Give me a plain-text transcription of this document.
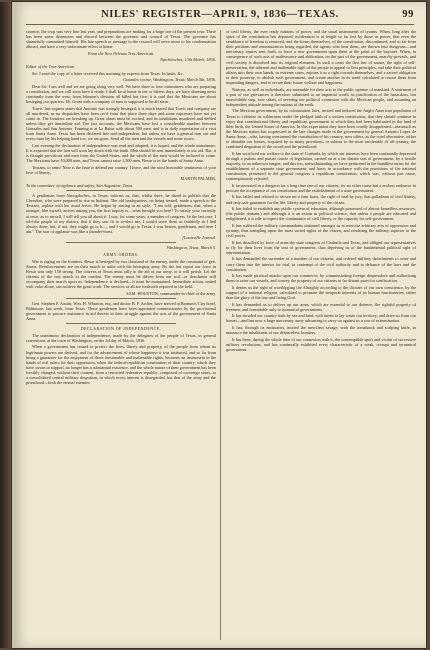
NILES' REGISTER—APRIL 9, 1836—TEXAS.	99

country; the crop was very fine last year, and preparations are making for a large one of the present year. There has been some dissension and discord between the governor and council of Texas. The governor has shamefully committed himself. His late speech or message to the council will serve more to his condemnation abroad, and have a very unfortunate effect at home.

From the New Orleans Trus American.

Natchitoches, 13th March, 1836.

Editor of the True American.

Sir: I send the copy of a letter received this morning by express from Texas. In haste, &c.

Gonzales ravine, Washington, Texas, March 5th, 1836.

Dear Sir: I am well and we are going along very well. We have three or four committees who are preparing a constitution, and we will soon have it ready. I shall be at home in ten or fifteen days, we have alarming news constantly from the west; from Johnson's division all killed but five; it is said that the Mexicans are about besieging our quarters. Dr. Grant with a company of men is supposed to be all slain.

Travis' last express states that Antonio was strongly besieged; it is much feared that Travis and company are all murdered, as no dispatches have been rec'd from that place three days and some expresses have not yet come in. The frontiers are breaking up. Great alarm must be excited, and its inhabitants murdered and defiled unless they get immediate aid. The last accounts, the Mexicans have lost a considerable number between Gonzales and San Antonio. Fanning is at La Bahia with about 500 men, and is in daily expectation of a visit from Santa Anna. Texas has been declared free and independent, but unless we have a general turn out and every man lay his helping hand too, we are gone. Send all the men and the vessels and some stores.

Last evening the declaration of independence was read and adopted, it is hoped, and the whole unanimous. It is expected that the lion will soon lay down with the lamb. Men should be sent immediately to our aid. But, it is thought provisions and men from the United States, and the whole of the men would be inclined to come. The Mexicans have 10,000 men, and Texas cannot raise 1,500 men. Bexar is in the hands of Santa Anna.

Texians, to arms! Now is the time to defend our country. I leave, and the most honorable sentiments of your love of liberty,

MARTIN PALMER,

To the committee of vigilance and safety, San Augustine, Texas.

A gentleman from Nacogdoches, in Texas, informs us, that, whilst there, he dared to publish that the Cherokee, who were prepared to rise as Indians. The old headquarters, on being treated, made a speech to the Texians, replete with his usual fervor. He began by stating in an style, "I am told, gentlemen, that, when a stranger, like myself, arrives among you, the first inquiry is—what brought you here? To satisfy your curiosity at once, as to myself, I will tell you all about it. I was, for some years, a member of congress. In the last race, I told the people of my district, that if they saw fit to re-elect me, I would serve them as faithfully as I had always done, but, if not, they might go to h—, and I would go to Texas. I was beaten, gentlemen, and here I am." The roar of applause was like a thunder-burst.

[Louisville Journal.

Washington, Texas, March 5.

ARMY ORDERS.

War is raging on the frontiers. Bexar is besieged by two thousand of the enemy, under the command of gen. Sisma. Reinforcements are on their march to unite with the besieging army. By the last report our force in Bexar was only 150 strong. The citizens of Texas must rally to the aid of our army, or it will perish. Let the citizens of the east march to the combat. The enemy must be driven from our soil—or desolation will accompany their march upon us. Independence is declared—it must be maintained. Immediate action, united with valor alone, can achieve the great work. The services of all are forthwith required in the field.

SAM. HOUSTON, commander-in-chief of the army.

Gen. Stephen F. Austin, Wm. H. Wharton, esq. and doctor B. F. Archer, have arrived at Barnum's City hotel, Baltimore, last week, from Texas. These gentlemen have been appointed commissioners by the provisional government to procure assistance in aid thereto in their struggle against the acts of the government of Santa Anna.

DECLARATION OF INDEPENDENCE.

The unanimous declaration of independence, made by the delegates of the people of Texas, in general convention, at the town of Washington, on the 2d day of March, 1836.

When a government has ceased to protect the lives, liberty and property, of the people from whom its legitimate powers are derived, and for the advancement of whose happiness it was instituted, and so far from being a guarantee for the enjoyment of those inestimable and inalienable rights, becomes an instrument in the hands of evil rulers for their oppression, when the federal republican constitution of their country, which they have sworn to support, no longer has a substantial existence, and the whole nature of their government has been forcibly changed, without their consent, from a restricted federative republic, composed of sovereign states, to a consolidated central military despotism, in which every interest is disregarded, but that of the army and the priesthood—both the eternal enemies

of civil liberty, the ever ready minions of power, and the usual instruments of tyrants. When, long after the spirit of the constitution has departed, moderation is at length so far lost by those in power, that even the semblance of freedom is removed, and the forms themselves, of the constitution, discontinued, and so far from their petitions and remonstrances being regarded, the agents who bear them, are thrown into dungeons—and mercenary armies sent forth, to force a new government upon them at the point of the bayonet. When, in consequence of such acts of malfeasance and abdication, on the part of the government, anarchy prevails, and civil society is dissolved into its original elements. In such a crisis the first law of nature, the right of self-preservation, the inherent and inalienable right of the people to appeal to first principles, and take their political affairs into their own hands, in extreme cases, enjoins it as a right towards themselves, and a sacred obligation to their posterity, to abolish such government, and create another in its stead calculated to rescue them from impending dangers, and to secure their future welfare and happiness.

Nations, as well as individuals, are amenable for their acts to the public opinion of mankind. A statement of a part of our grievances is therefore submitted to an impartial world, in justification of the hazardous, but unavoidable step, now taken, of severing our political connexion with the Mexican people, and assuming an independent attitude among the nations of the earth.

The Mexican government, by its colonization laws, invited and induced the Anglo-American population of Texas to colonize its wilderness under the pledged faith of a written constitution, that they should continue to enjoy that constitutional liberty and republican government to which they had been habituated in the land of their birth, the United States of America. In this expectation they have been cruelly disappointed—inasmuch as the Mexican nation has acquiesced in the late changes made in the government by general Antonio Lopez de Santa Anna—who, having overturned the constitution of his country, now offers, as the cruel alternative, either to abandon our homes, acquired by so many privations, or submit to the most intolerable of all tyranny, the combined despotism of the sword and the priesthood.

It has sacrificed our welfare to the state of Coahuila, by which our interests have been continually depressed through a jealous and partial course of legislation, carried on at a far distant seat of government, by a hostile majority, in an unknown tongue; and this too, notwithstanding we have petitioned in the humblest terms for the establishment of a separate state government, and have, in accordance with the provisions of the national constitution, presented to the general congress a republican constitution, which was, without just cause, contemptuously rejected.

It incarcerated in a dungeon for a long time one of our citizens, for no other cause but a zealous endeavor to procure the acceptance of our constitution and the establishment of a state government.

It has failed and refused to secure on a firm basis, the right of trial by jury, that palladium of civil liberty, and only safe guarantee for the life, liberty and property of the citizen.

It has failed to establish any public system of education, although possessed of almost boundless resources, (the public domain,) and although it is an axiom in political science, that unless a people are educated and enlightened, it is idle to expect the continuance of civil liberty, or the capacity for self-government.

It has suffered the military commandants stationed amongst us to exercise arbitrary acts of oppression and tyranny, thus trampling upon the most sacred rights of the citizen, and rendering the military superior to the civil power.

It has dissolved by force of arms the state congress of Coahuila and Texas, and obliged our representatives to fly for their lives from the seat of government, thus depriving us of the fundamental political right of representation.

It has demanded the surrender of a number of our citizens, and ordered military detachments to seize and carry them into the interior for trial, in contempt of the civil authority and in defiance of the laws and the constitution.

It has made piratical attacks upon our commerce, by commissioning foreign desperadoes and authorizing them to seize our vessels, and convey the property of our citizens to far distant ports for confiscation.

It denies us the right of worshipping the Almighty according to the dictates of our own conscience, by the support of a national religion, calculated to promote the temporal interests of its human functionaries, rather than the glory of the true and living God.

It has demanded us to deliver up our arms, which are essential to our defence, the rightful property of freemen, and formidable only to tyrannical governments.

It has invaded our country both by sea and land, with intent to lay waste our territory, and drive us from our homes—and has now a large mercenary army advancing to carry on against us a war of extermination.

It has, through its emissaries, incited the merciless savage, with the tomahawk and scalping knife, to massacre the inhabitants of our defenceless frontiers.

It has been, during the whole time of our connexion with it, the contemptible sport and victim of successive military revolutions, and has continually exhibited every characteristic of a weak, corrupt and tyrannical government.
